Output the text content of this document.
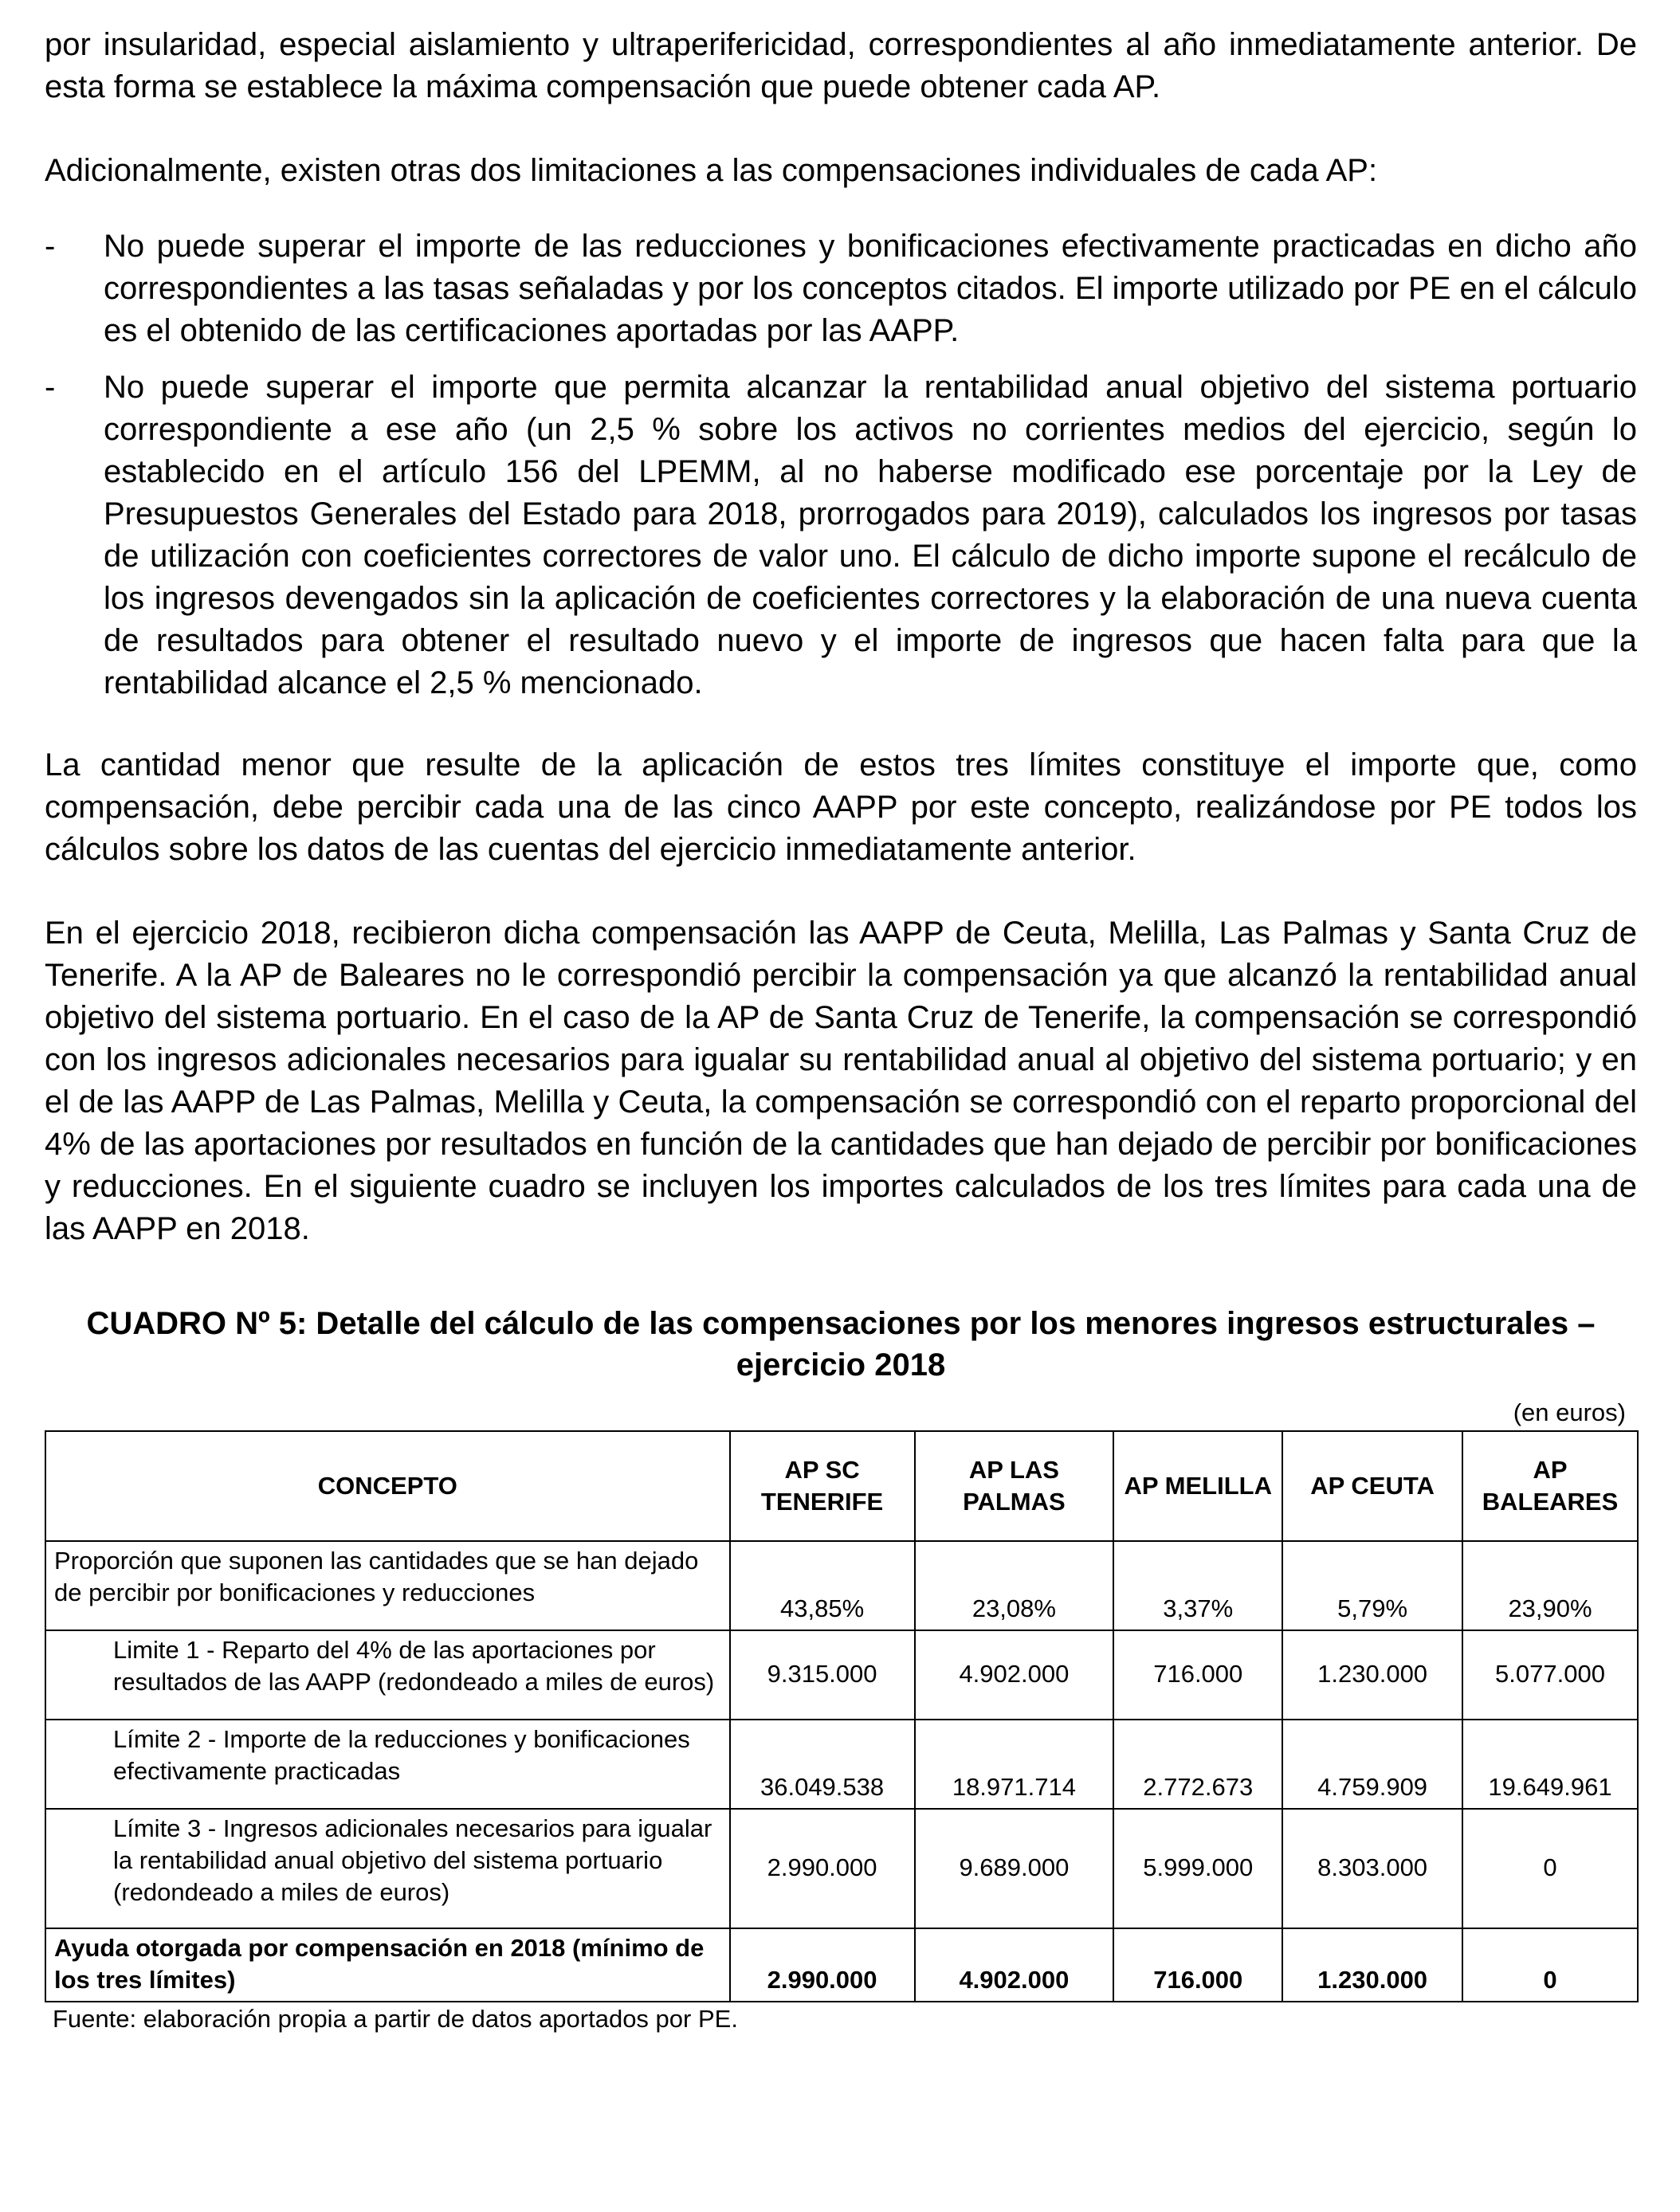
por insularidad, especial aislamiento y ultraperifericidad, correspondientes al año inmediatamente anterior. De esta forma se establece la máxima compensación que puede obtener cada AP.

Adicionalmente, existen otras dos limitaciones a las compensaciones individuales de cada AP:

- No puede superar el importe de las reducciones y bonificaciones efectivamente practicadas en dicho año correspondientes a las tasas señaladas y por los conceptos citados. El importe utilizado por PE en el cálculo es el obtenido de las certificaciones aportadas por las AAPP.
- No puede superar el importe que permita alcanzar la rentabilidad anual objetivo del sistema portuario correspondiente a ese año (un 2,5 % sobre los activos no corrientes medios del ejercicio, según lo establecido en el artículo 156 del LPEMM, al no haberse modificado ese porcentaje por la Ley de Presupuestos Generales del Estado para 2018, prorrogados para 2019), calculados los ingresos por tasas de utilización con coeficientes correctores de valor uno. El cálculo de dicho importe supone el recálculo de los ingresos devengados sin la aplicación de coeficientes correctores y la elaboración de una nueva cuenta de resultados para obtener el resultado nuevo y el importe de ingresos que hacen falta para que la rentabilidad alcance el 2,5 % mencionado.

La cantidad menor que resulte de la aplicación de estos tres límites constituye el importe que, como compensación, debe percibir cada una de las cinco AAPP por este concepto, realizándose por PE todos los cálculos sobre los datos de las cuentas del ejercicio inmediatamente anterior.

En el ejercicio 2018, recibieron dicha compensación las AAPP de Ceuta, Melilla, Las Palmas y Santa Cruz de Tenerife. A la AP de Baleares no le correspondió percibir la compensación ya que alcanzó la rentabilidad anual objetivo del sistema portuario. En el caso de la AP de Santa Cruz de Tenerife, la compensación se correspondió con los ingresos adicionales necesarios para igualar su rentabilidad anual al objetivo del sistema portuario; y en el de las AAPP de Las Palmas, Melilla y Ceuta, la compensación se correspondió con el reparto proporcional del 4% de las aportaciones por resultados en función de la cantidades que han dejado de percibir por bonificaciones y reducciones. En el siguiente cuadro se incluyen los importes calculados de los tres límites para cada una de las AAPP en 2018.

CUADRO Nº 5: Detalle del cálculo de las compensaciones por los menores ingresos estructurales – ejercicio 2018
(en euros)
CONCEPTO	AP SC TENERIFE	AP LAS PALMAS	AP MELILLA	AP CEUTA	AP BALEARES
Proporción que suponen las cantidades que se han dejado de percibir por bonificaciones y reducciones	43,85%	23,08%	3,37%	5,79%	23,90%
Limite 1 - Reparto del 4% de las aportaciones por resultados de las AAPP (redondeado a miles de euros)	9.315.000	4.902.000	716.000	1.230.000	5.077.000
Límite 2 - Importe de la reducciones y bonificaciones efectivamente practicadas	36.049.538	18.971.714	2.772.673	4.759.909	19.649.961
Límite 3 - Ingresos adicionales necesarios para igualar la rentabilidad anual objetivo del sistema portuario (redondeado a miles de euros)	2.990.000	9.689.000	5.999.000	8.303.000	0
Ayuda otorgada por compensación en 2018 (mínimo de los tres límites)	2.990.000	4.902.000	716.000	1.230.000	0
Fuente: elaboración propia a partir de datos aportados por PE.
